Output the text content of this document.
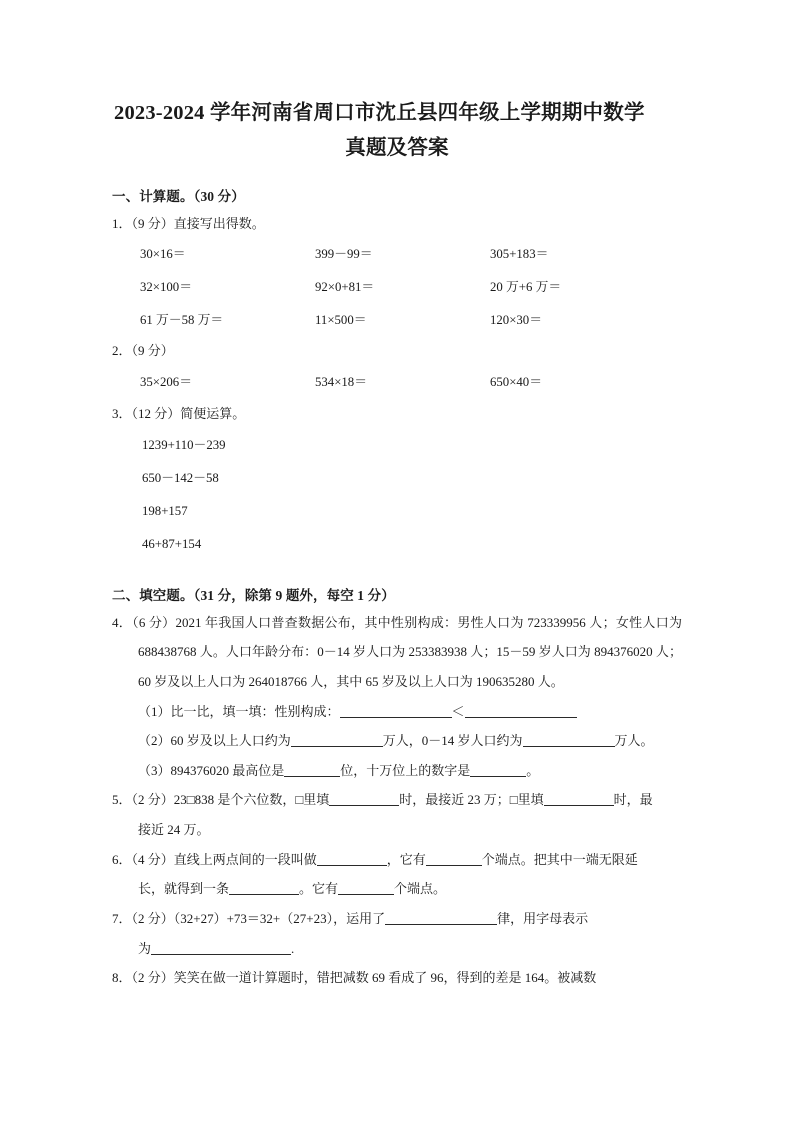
2023-2024 学年河南省周口市沈丘县四年级上学期期中数学
真题及答案
一、计算题。（30 分）
1．（9 分）直接写出得数。
30×16＝	399－99＝	305+183＝
32×100＝	92×0+81＝	20 万+6 万＝
61 万－58 万＝	11×500＝	120×30＝
2．（9 分）
35×206＝	534×18＝	650×40＝
3．（12 分）简便运算。
1239+110－239
650－142－58
198+157
46+87+154
二、填空题。（31 分，除第 9 题外，每空 1 分）
4．（6 分）2021 年我国人口普查数据公布，其中性别构成：男性人口为 723339956 人；女性人口为 688438768 人。人口年龄分布：0－14 岁人口为 253383938 人；15－59 岁人口为 894376020 人；60 岁及以上人口为 264018766 人，其中 65 岁及以上人口为 190635280 人。
（1）比一比，填一填：性别构成：	＜
（2）60 岁及以上人口约为	万人，0－14 岁人口约为	万人。
（3）894376020 最高位是	位，十万位上的数字是	。
5．（2 分）23□838 是个六位数，□里填	时，最接近 23 万；□里填	时，最
接近 24 万。
6．（4 分）直线上两点间的一段叫做	，它有	个端点。把其中一端无限延
长，就得到一条	。它有	个端点。
7．（2 分）（32+27）+73＝32+（27+23），运用了	律，用字母表示
为	.
8．（2 分）笑笑在做一道计算题时，错把减数 69 看成了 96，得到的差是 164。被减数
